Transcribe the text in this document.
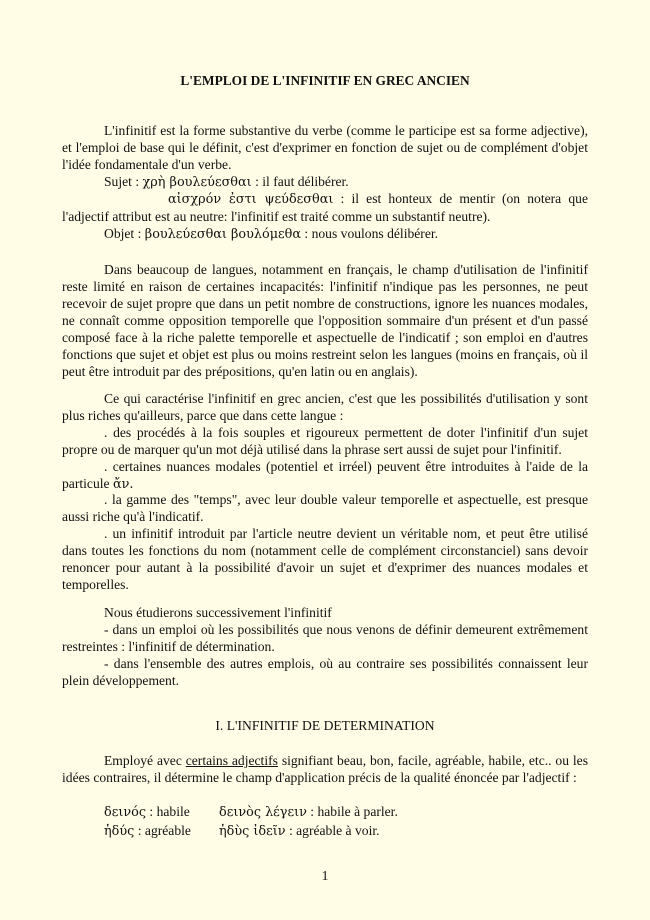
L'EMPLOI DE L'INFINITIF EN GREC ANCIEN

L'infinitif est la forme substantive du verbe (comme le participe est sa forme adjective), et l'emploi de base qui le définit, c'est d'exprimer en fonction de sujet ou de complément d'objet l'idée fondamentale d'un verbe.

Sujet : χρὴ βουλεύεσθαι : il faut délibérer.

αἰσχρόν ἐστι ψεύδεσθαι : il est honteux de mentir (on notera que l'adjectif attribut est au neutre: l'infinitif est traité comme un substantif neutre).

Objet : βουλεύεσθαι βουλόμεθα : nous voulons délibérer.

Dans beaucoup de langues, notamment en français, le champ d'utilisation de l'infinitif reste limité en raison de certaines incapacités: l'infinitif n'indique pas les personnes, ne peut recevoir de sujet propre que dans un petit nombre de constructions, ignore les nuances modales, ne connaît comme opposition temporelle que l'opposition sommaire d'un présent et d'un passé composé face à la riche palette temporelle et aspectuelle de l'indicatif ; son emploi en d'autres fonctions que sujet et objet est plus ou moins restreint selon les langues (moins en français, où il peut être introduit par des prépositions, qu'en latin ou en anglais).

Ce qui caractérise l'infinitif en grec ancien, c'est que les possibilités d'utilisation y sont plus riches qu'ailleurs, parce que dans cette langue :

. des procédés à la fois souples et rigoureux permettent de doter l'infinitif d'un sujet propre ou de marquer qu'un mot déjà utilisé dans la phrase sert aussi de sujet pour l'infinitif.

. certaines nuances modales (potentiel et irréel) peuvent être introduites à l'aide de la particule ἄν.

. la gamme des "temps", avec leur double valeur temporelle et aspectuelle, est presque aussi riche qu'à l'indicatif.

. un infinitif introduit par l'article neutre devient un véritable nom, et peut être utilisé dans toutes les fonctions du nom (notamment celle de complément circonstanciel) sans devoir renoncer pour autant à la possibilité d'avoir un sujet et d'exprimer des nuances modales et temporelles.

Nous étudierons successivement l'infinitif

- dans un emploi où les possibilités que nous venons de définir demeurent extrêmement restreintes : l'infinitif de détermination.

- dans l'ensemble des autres emplois, où au contraire ses possibilités connaissent leur plein développement.

I. L'INFINITIF DE DETERMINATION

Employé avec certains adjectifs signifiant beau, bon, facile, agréable, habile, etc.. ou les idées contraires, il détermine le champ d'application précis de la qualité énoncée par l'adjectif :

δεινός : habile δεινὸς λέγειν : habile à parler.
ἡδύς : agréable ἡδὺς ἰδεῖν : agréable à voir.

1
